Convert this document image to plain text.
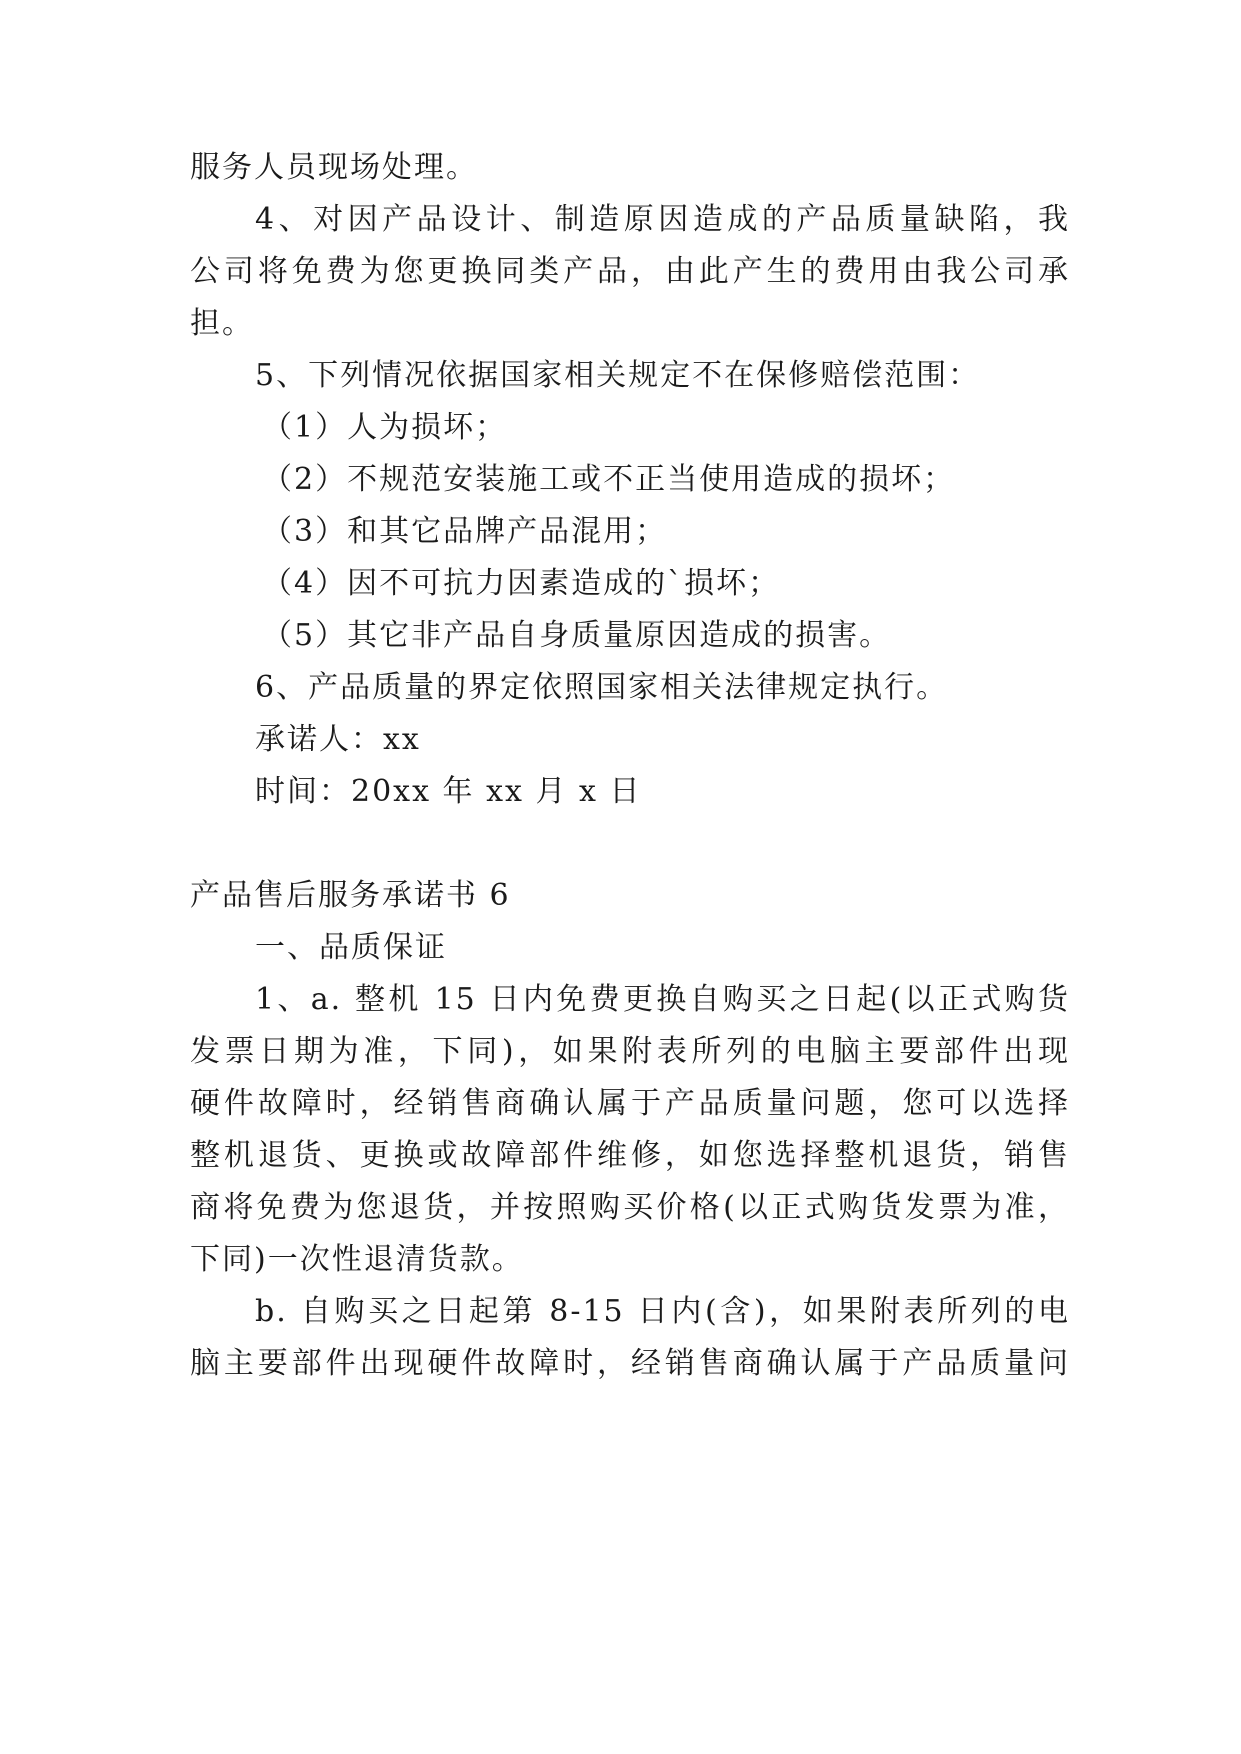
服务人员现场处理。
4、对因产品设计、制造原因造成的产品质量缺陷，我
公司将免费为您更换同类产品，由此产生的费用由我公司承
担。
5、下列情况依据国家相关规定不在保修赔偿范围：
（1）人为损坏；
（2）不规范安装施工或不正当使用造成的损坏；
（3）和其它品牌产品混用；
（4）因不可抗力因素造成的`损坏；
（5）其它非产品自身质量原因造成的损害。
6、产品质量的界定依照国家相关法律规定执行。
承诺人：xx
时间：20xx 年 xx 月 x 日
产品售后服务承诺书 6
一、品质保证
1、a. 整机 15 日内免费更换自购买之日起(以正式购货
发票日期为准，下同)，如果附表所列的电脑主要部件出现
硬件故障时，经销售商确认属于产品质量问题，您可以选择
整机退货、更换或故障部件维修，如您选择整机退货，销售
商将免费为您退货，并按照购买价格(以正式购货发票为准，
下同)一次性退清货款。
b. 自购买之日起第 8-15 日内(含)，如果附表所列的电
脑主要部件出现硬件故障时，经销售商确认属于产品质量问
